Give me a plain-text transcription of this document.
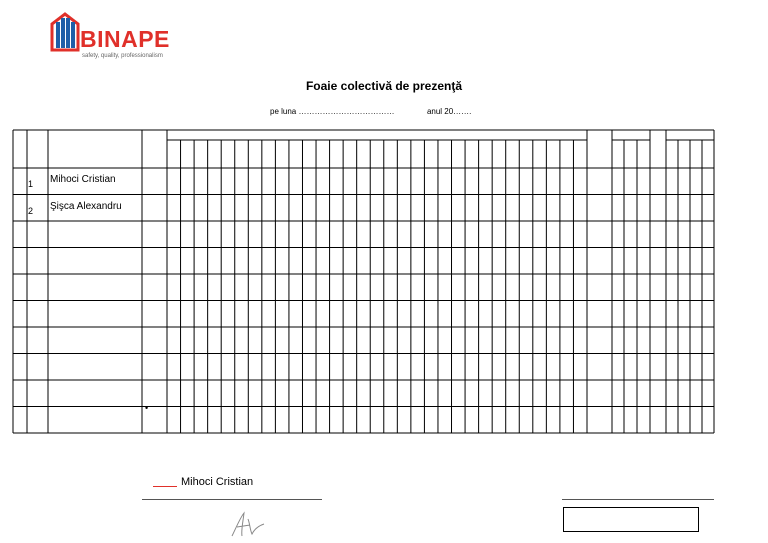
BINAPE
safety, quality, professionalism
Foaie colectivă de prezenţă
pe luna ………………………………	anul 20…….
1 Mihoci Cristian
2 Şişca Alexandru
•
Mihoci Cristian
